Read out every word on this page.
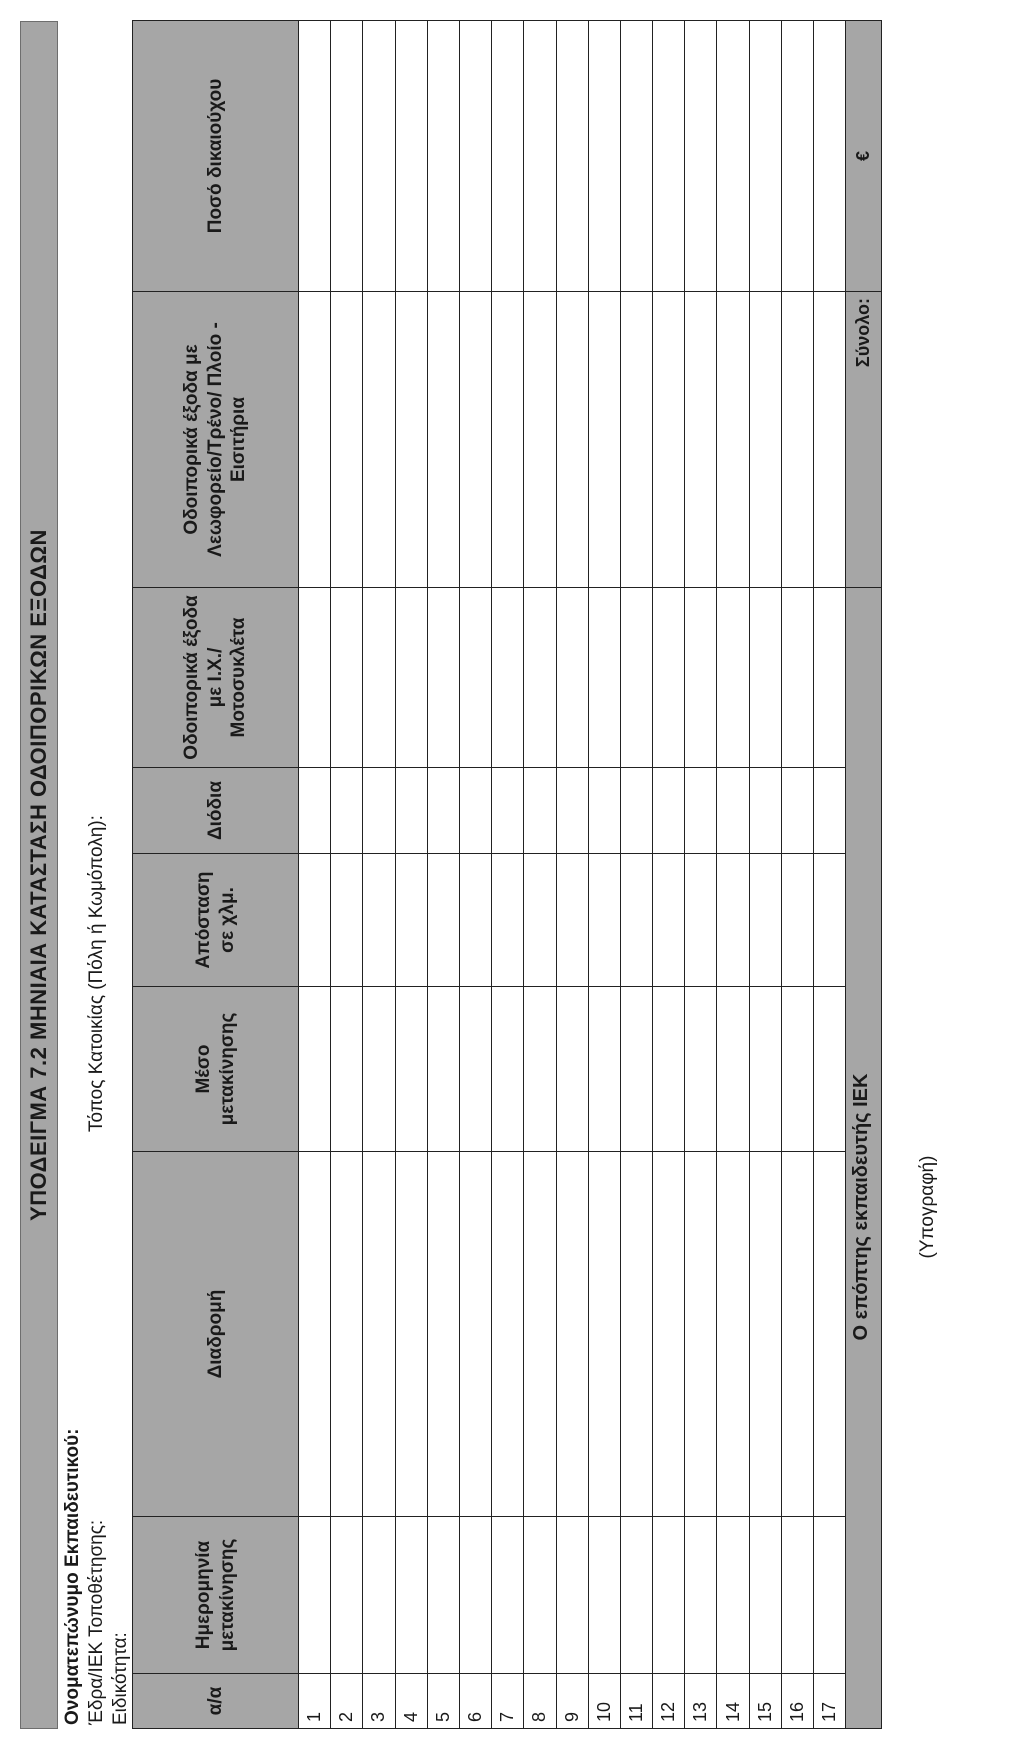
ΥΠΟΔΕΙΓΜΑ 7.2 ΜΗΝΙΑΙΑ ΚΑΤΑΣΤΑΣΗ ΟΔΟΙΠΟΡΙΚΩΝ ΕΞΟΔΩΝ
Ονοματεπώνυμο Εκπαιδευτικού: Έδρα/ΙΕΚ Τοποθέτησης:
Τόπος Κατοικίας (Πόλη ή Κωμόπολη):
Ειδικότητα:	α/α	Ημερομηνία μετακίνησης	Διαδρομή	Μέσο μετακίνησης	Απόσταση σε χλμ.	Διόδια	Οδοιπορικά έξοδα με Ι.Χ./Μοτοσυκλέτα	Οδοιπορικά έξοδα με Λεωφορείο/Τρένο/ Πλοίο - Εισιτήρια	Ποσό δικαιούχου
1								
2								
3								
4								
5								
6								
7								
8								
9								
10								
11								
12								
13								
14								
15								
16								
17								
							Σύνολο:	€
Ο επόπτης εκπαιδευτής ΙΕΚ (Υπογραφή)
